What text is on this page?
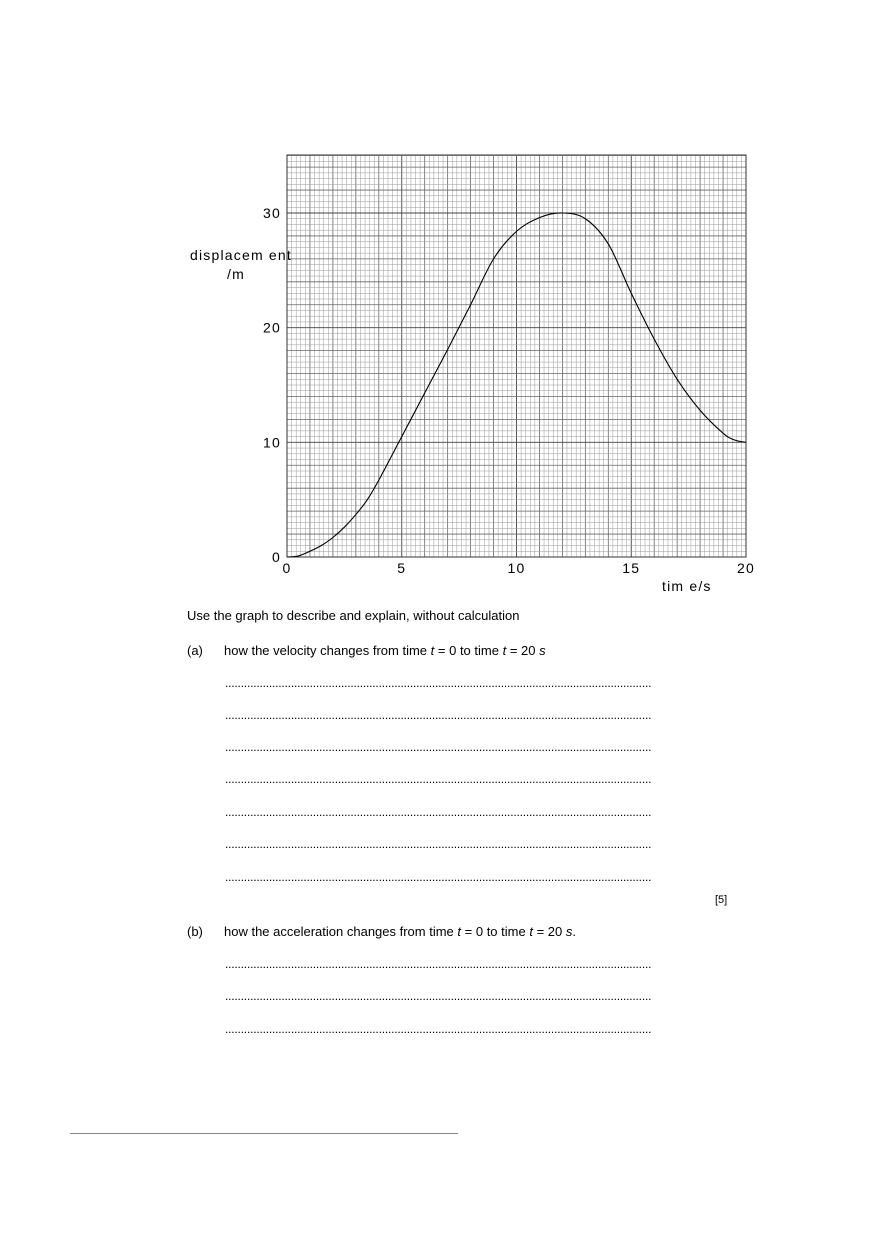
0	5	10	15	20
0
10
20
30
displacem ent
/m
tim e/s
Use the graph to describe and explain, without calculation
(a) how the velocity changes from time t = 0 to time t = 20 s
........................................................................................................................................
........................................................................................................................................
........................................................................................................................................
........................................................................................................................................
........................................................................................................................................
........................................................................................................................................
........................................................................................................................................
[5]
(b) how the acceleration changes from time t = 0 to time t = 20 s.
........................................................................................................................................
........................................................................................................................................
........................................................................................................................................
